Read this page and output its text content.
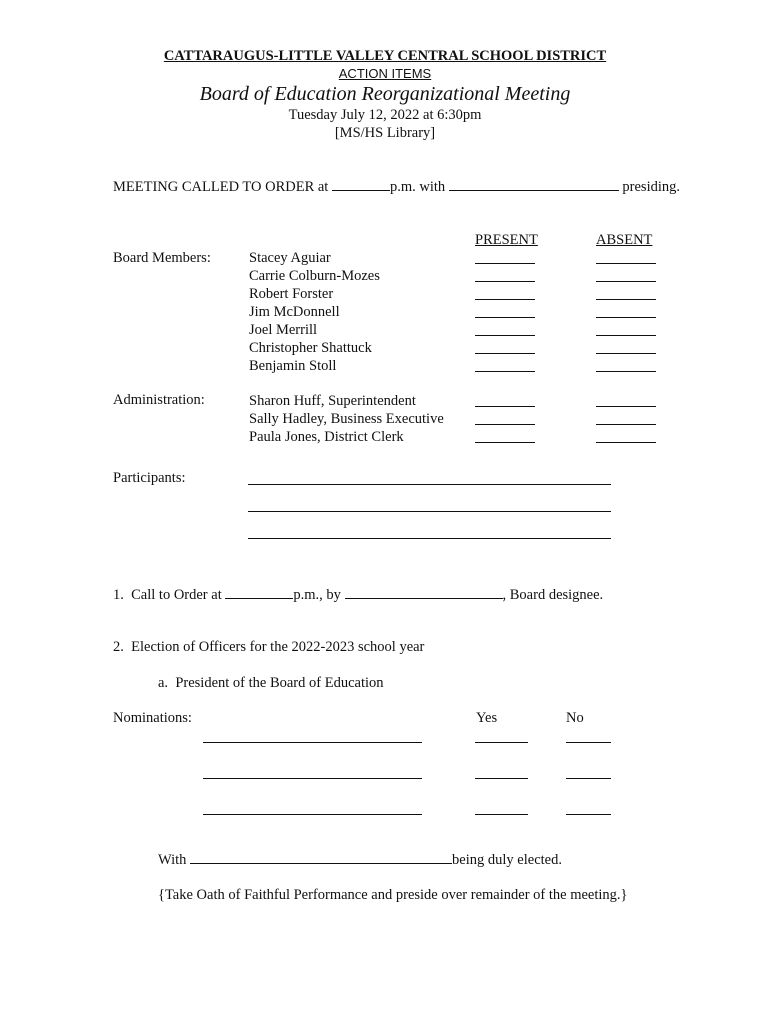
CATTARAUGUS-LITTLE VALLEY CENTRAL SCHOOL DISTRICT
ACTION ITEMS
Board of Education Reorganizational Meeting
Tuesday July 12, 2022 at 6:30pm
[MS/HS Library]
MEETING CALLED TO ORDER at	p.m. with	presiding.
PRESENT	ABSENT
Board Members:	Stacey Aguiar
Carrie Colburn-Mozes
Robert Forster
Jim McDonnell
Joel Merrill
Christopher Shattuck
Benjamin Stoll
Administration:	Sharon Huff, Superintendent
Sally Hadley, Business Executive
Paula Jones, District Clerk
Participants:
1. Call to Order at	p.m., by	, Board designee.
2. Election of Officers for the 2022-2023 school year
a. President of the Board of Education
Nominations:	Yes	No
With	being duly elected.
{Take Oath of Faithful Performance and preside over remainder of the meeting.}
